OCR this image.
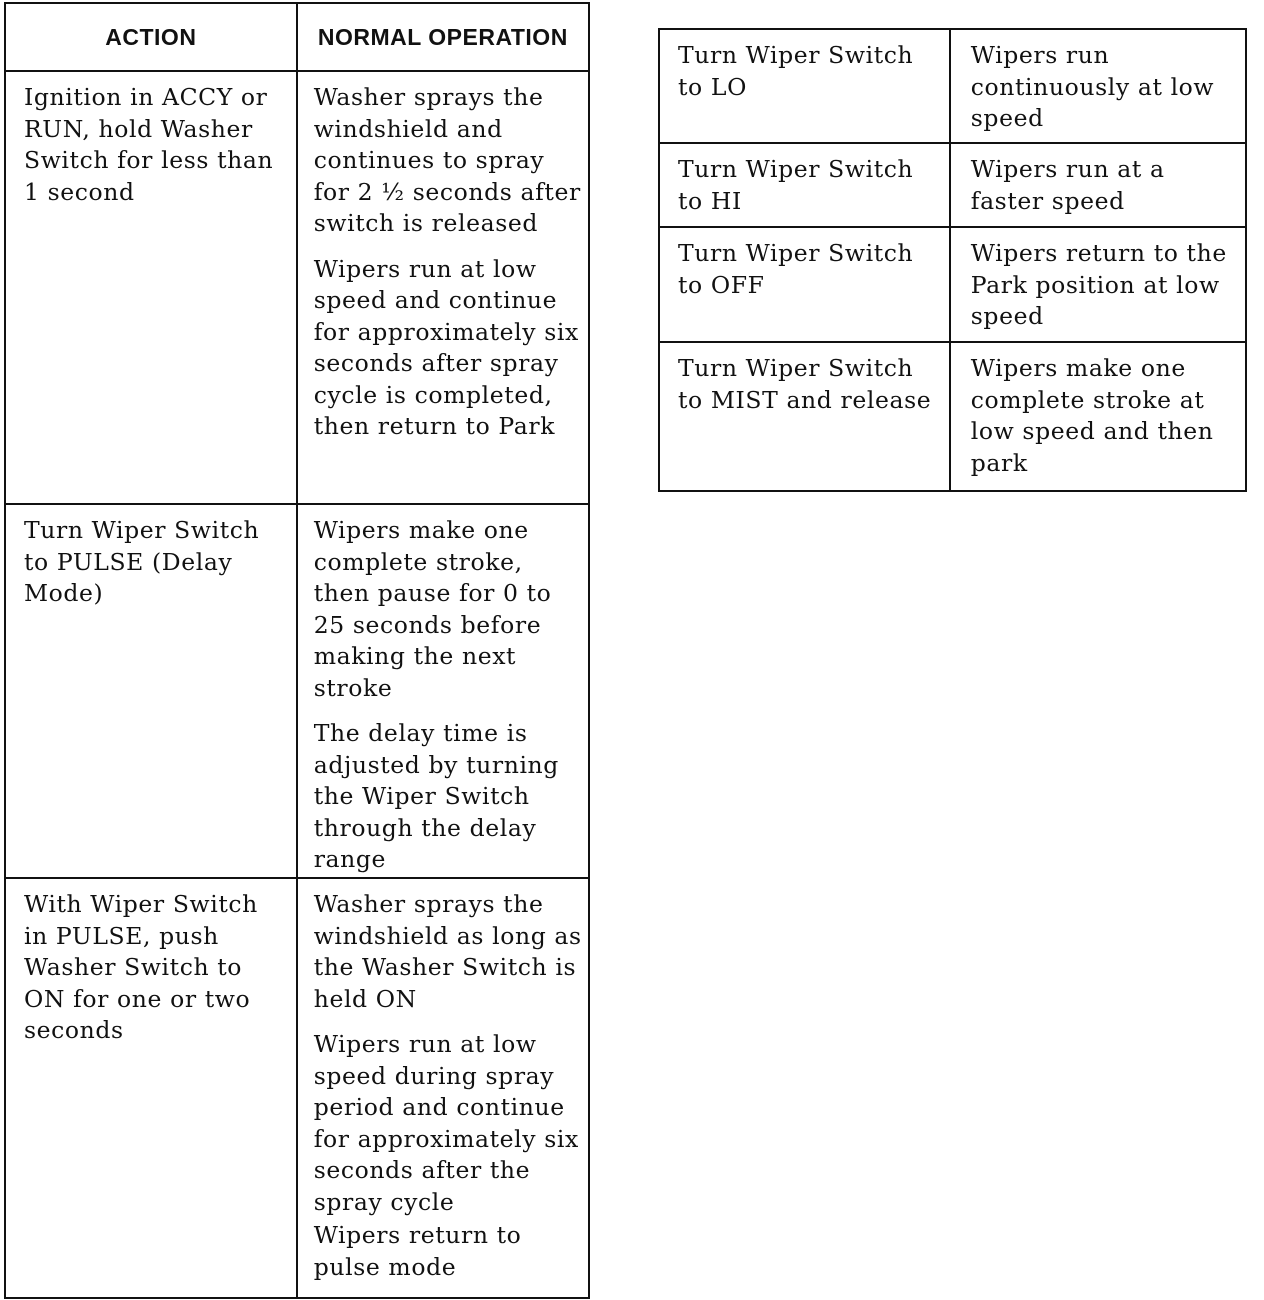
ACTION	NORMAL OPERATION

Ignition in ACCY or RUN, hold Washer Switch for less than 1 second	Washer sprays the windshield and continues to spray for 2 ½ seconds after switch is released
Wipers run at low speed and continue for approximately six seconds after spray cycle is completed, then return to Park

Turn Wiper Switch to PULSE (Delay Mode)	Wipers make one complete stroke, then pause for 0 to 25 seconds before making the next stroke
The delay time is adjusted by turning the Wiper Switch through the delay range

With Wiper Switch in PULSE, push Washer Switch to ON for one or two seconds	Washer sprays the windshield as long as the Washer Switch is held ON
Wipers run at low speed during spray period and continue for approximately six seconds after the spray cycle
Wipers return to pulse mode
Turn Wiper Switch to LO	Wipers run continuously at low speed
Turn Wiper Switch to HI	Wipers run at a faster speed
Turn Wiper Switch to OFF	Wipers return to the Park position at low speed
Turn Wiper Switch to MIST and release	Wipers make one complete stroke at low speed and then park
